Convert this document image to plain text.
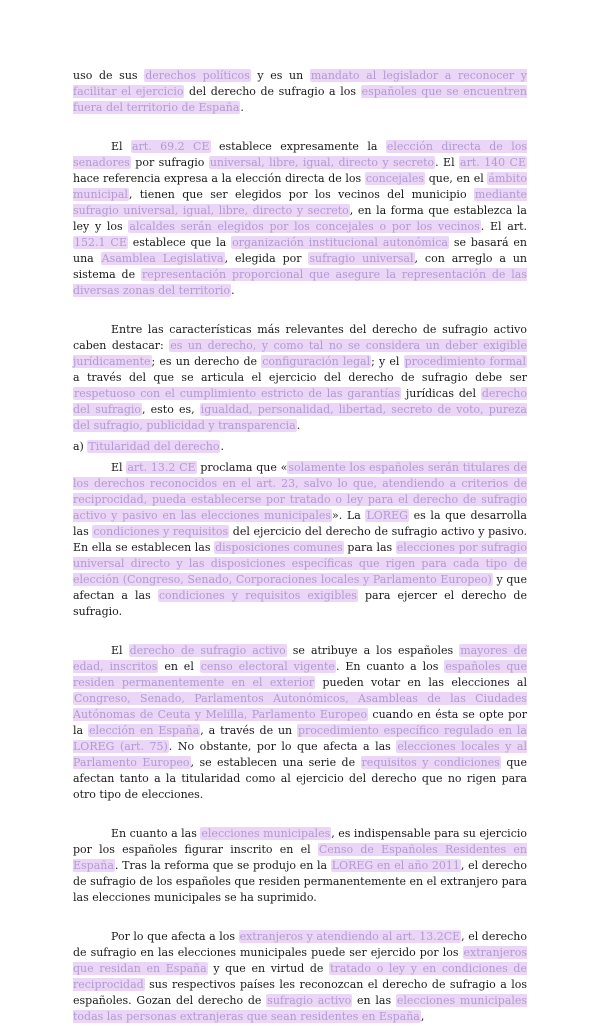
uso de sus derechos políticos y es un mandato al legislador a reconocer y facilitar el ejercicio del derecho de sufragio a los españoles que se encuentren fuera del territorio de España.

El art. 69.2 CE establece expresamente la elección directa de los senadores por sufragio universal, libre, igual, directo y secreto. El art. 140 CE hace referencia expresa a la elección directa de los concejales que, en el ámbito municipal, tienen que ser elegidos por los vecinos del municipio mediante sufragio universal, igual, libre, directo y secreto, en la forma que establezca la ley y los alcaldes serán elegidos por los concejales o por los vecinos. El art. 152.1 CE establece que la organización institucional autonómica se basará en una Asamblea Legislativa, elegida por sufragio universal, con arreglo a un sistema de representación proporcional que asegure la representación de las diversas zonas del territorio.

Entre las características más relevantes del derecho de sufragio activo caben destacar: es un derecho, y como tal no se considera un deber exigible jurídicamente; es un derecho de configuración legal; y el procedimiento formal a través del que se articula el ejercicio del derecho de sufragio debe ser respetuoso con el cumplimiento estricto de las garantías jurídicas del derecho del sufragio, esto es, igualdad, personalidad, libertad, secreto de voto, pureza del sufragio, publicidad y transparencia.

a) Titularidad del derecho.

El art. 13.2 CE proclama que «solamente los españoles serán titulares de los derechos reconocidos en el art. 23, salvo lo que, atendiendo a criterios de reciprocidad, pueda establecerse por tratado o ley para el derecho de sufragio activo y pasivo en las elecciones municipales». La LOREG es la que desarrolla las condiciones y requisitos del ejercicio del derecho de sufragio activo y pasivo. En ella se establecen las disposiciones comunes para las elecciones por sufragio universal directo y las disposiciones específicas que rigen para cada tipo de elección (Congreso, Senado, Corporaciones locales y Parlamento Europeo) y que afectan a las condiciones y requisitos exigibles para ejercer el derecho de sufragio.

El derecho de sufragio activo se atribuye a los españoles mayores de edad, inscritos en el censo electoral vigente. En cuanto a los españoles que residen permanentemente en el exterior pueden votar en las elecciones al Congreso, Senado, Parlamentos Autonómicos, Asambleas de las Ciudades Autónomas de Ceuta y Melilla, Parlamento Europeo cuando en ésta se opte por la elección en España, a través de un procedimiento específico regulado en la LOREG (art. 75). No obstante, por lo que afecta a las elecciones locales y al Parlamento Europeo, se establecen una serie de requisitos y condiciones que afectan tanto a la titularidad como al ejercicio del derecho que no rigen para otro tipo de elecciones.

En cuanto a las elecciones municipales, es indispensable para su ejercicio por los españoles figurar inscrito en el Censo de Españoles Residentes en España. Tras la reforma que se produjo en la LOREG en el año 2011, el derecho de sufragio de los españoles que residen permanentemente en el extranjero para las elecciones municipales se ha suprimido.

Por lo que afecta a los extranjeros y atendiendo al art. 13.2CE, el derecho de sufragio en las elecciones municipales puede ser ejercido por los extranjeros que residan en España y que en virtud de tratado o ley y en condiciones de reciprocidad sus respectivos países les reconozcan el derecho de sufragio a los españoles. Gozan del derecho de sufragio activo en las elecciones municipales todas las personas extranjeras que sean residentes en España,
